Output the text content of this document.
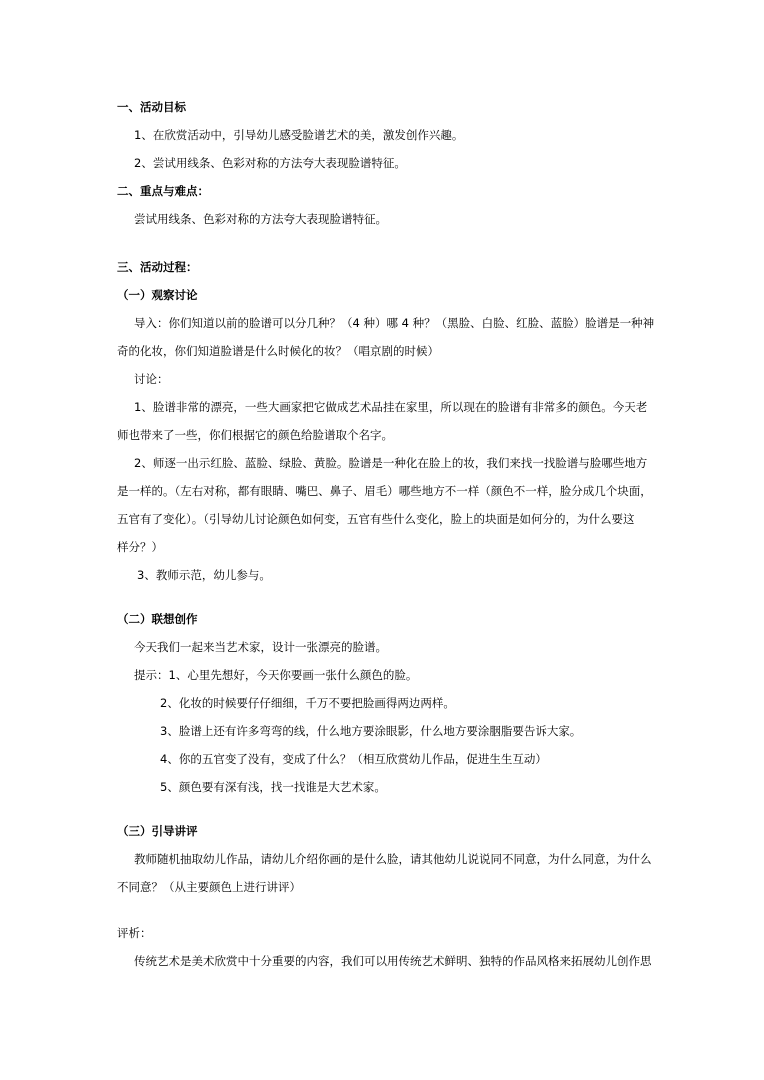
一、活动目标
1、在欣赏活动中，引导幼儿感受脸谱艺术的美，激发创作兴趣。
2、尝试用线条、色彩对称的方法夸大表现脸谱特征。
二、重点与难点：
尝试用线条、色彩对称的方法夸大表现脸谱特征。
三、活动过程：
（一）观察讨论
导入：你们知道以前的脸谱可以分几种？（4 种）哪 4 种？（黑脸、白脸、红脸、蓝脸）脸谱是一种神
奇的化妆，你们知道脸谱是什么时候化的妆？（唱京剧的时候）
讨论：
1、脸谱非常的漂亮，一些大画家把它做成艺术品挂在家里，所以现在的脸谱有非常多的颜色。今天老
师也带来了一些，你们根据它的颜色给脸谱取个名字。
2、师逐一出示红脸、蓝脸、绿脸、黄脸。脸谱是一种化在脸上的妆，我们来找一找脸谱与脸哪些地方
是一样的。（左右对称，都有眼睛、嘴巴、鼻子、眉毛）哪些地方不一样（颜色不一样，脸分成几个块面，
五官有了变化）。（引导幼儿讨论颜色如何变，五官有些什么变化，脸上的块面是如何分的，为什么要这
样分？）
3、教师示范，幼儿参与。
（二）联想创作
今天我们一起来当艺术家，设计一张漂亮的脸谱。
提示：1、心里先想好，今天你要画一张什么颜色的脸。
2、化妆的时候要仔仔细细，千万不要把脸画得两边两样。
3、脸谱上还有许多弯弯的线，什么地方要涂眼影，什么地方要涂胭脂要告诉大家。
4、你的五官变了没有，变成了什么？（相互欣赏幼儿作品，促进生生互动）
5、颜色要有深有浅，找一找谁是大艺术家。
（三）引导讲评
教师随机抽取幼儿作品，请幼儿介绍你画的是什么脸，请其他幼儿说说同不同意，为什么同意，为什么
不同意？（从主要颜色上进行讲评）
评析：
传统艺术是美术欣赏中十分重要的内容，我们可以用传统艺术鲜明、独特的作品风格来拓展幼儿创作思
